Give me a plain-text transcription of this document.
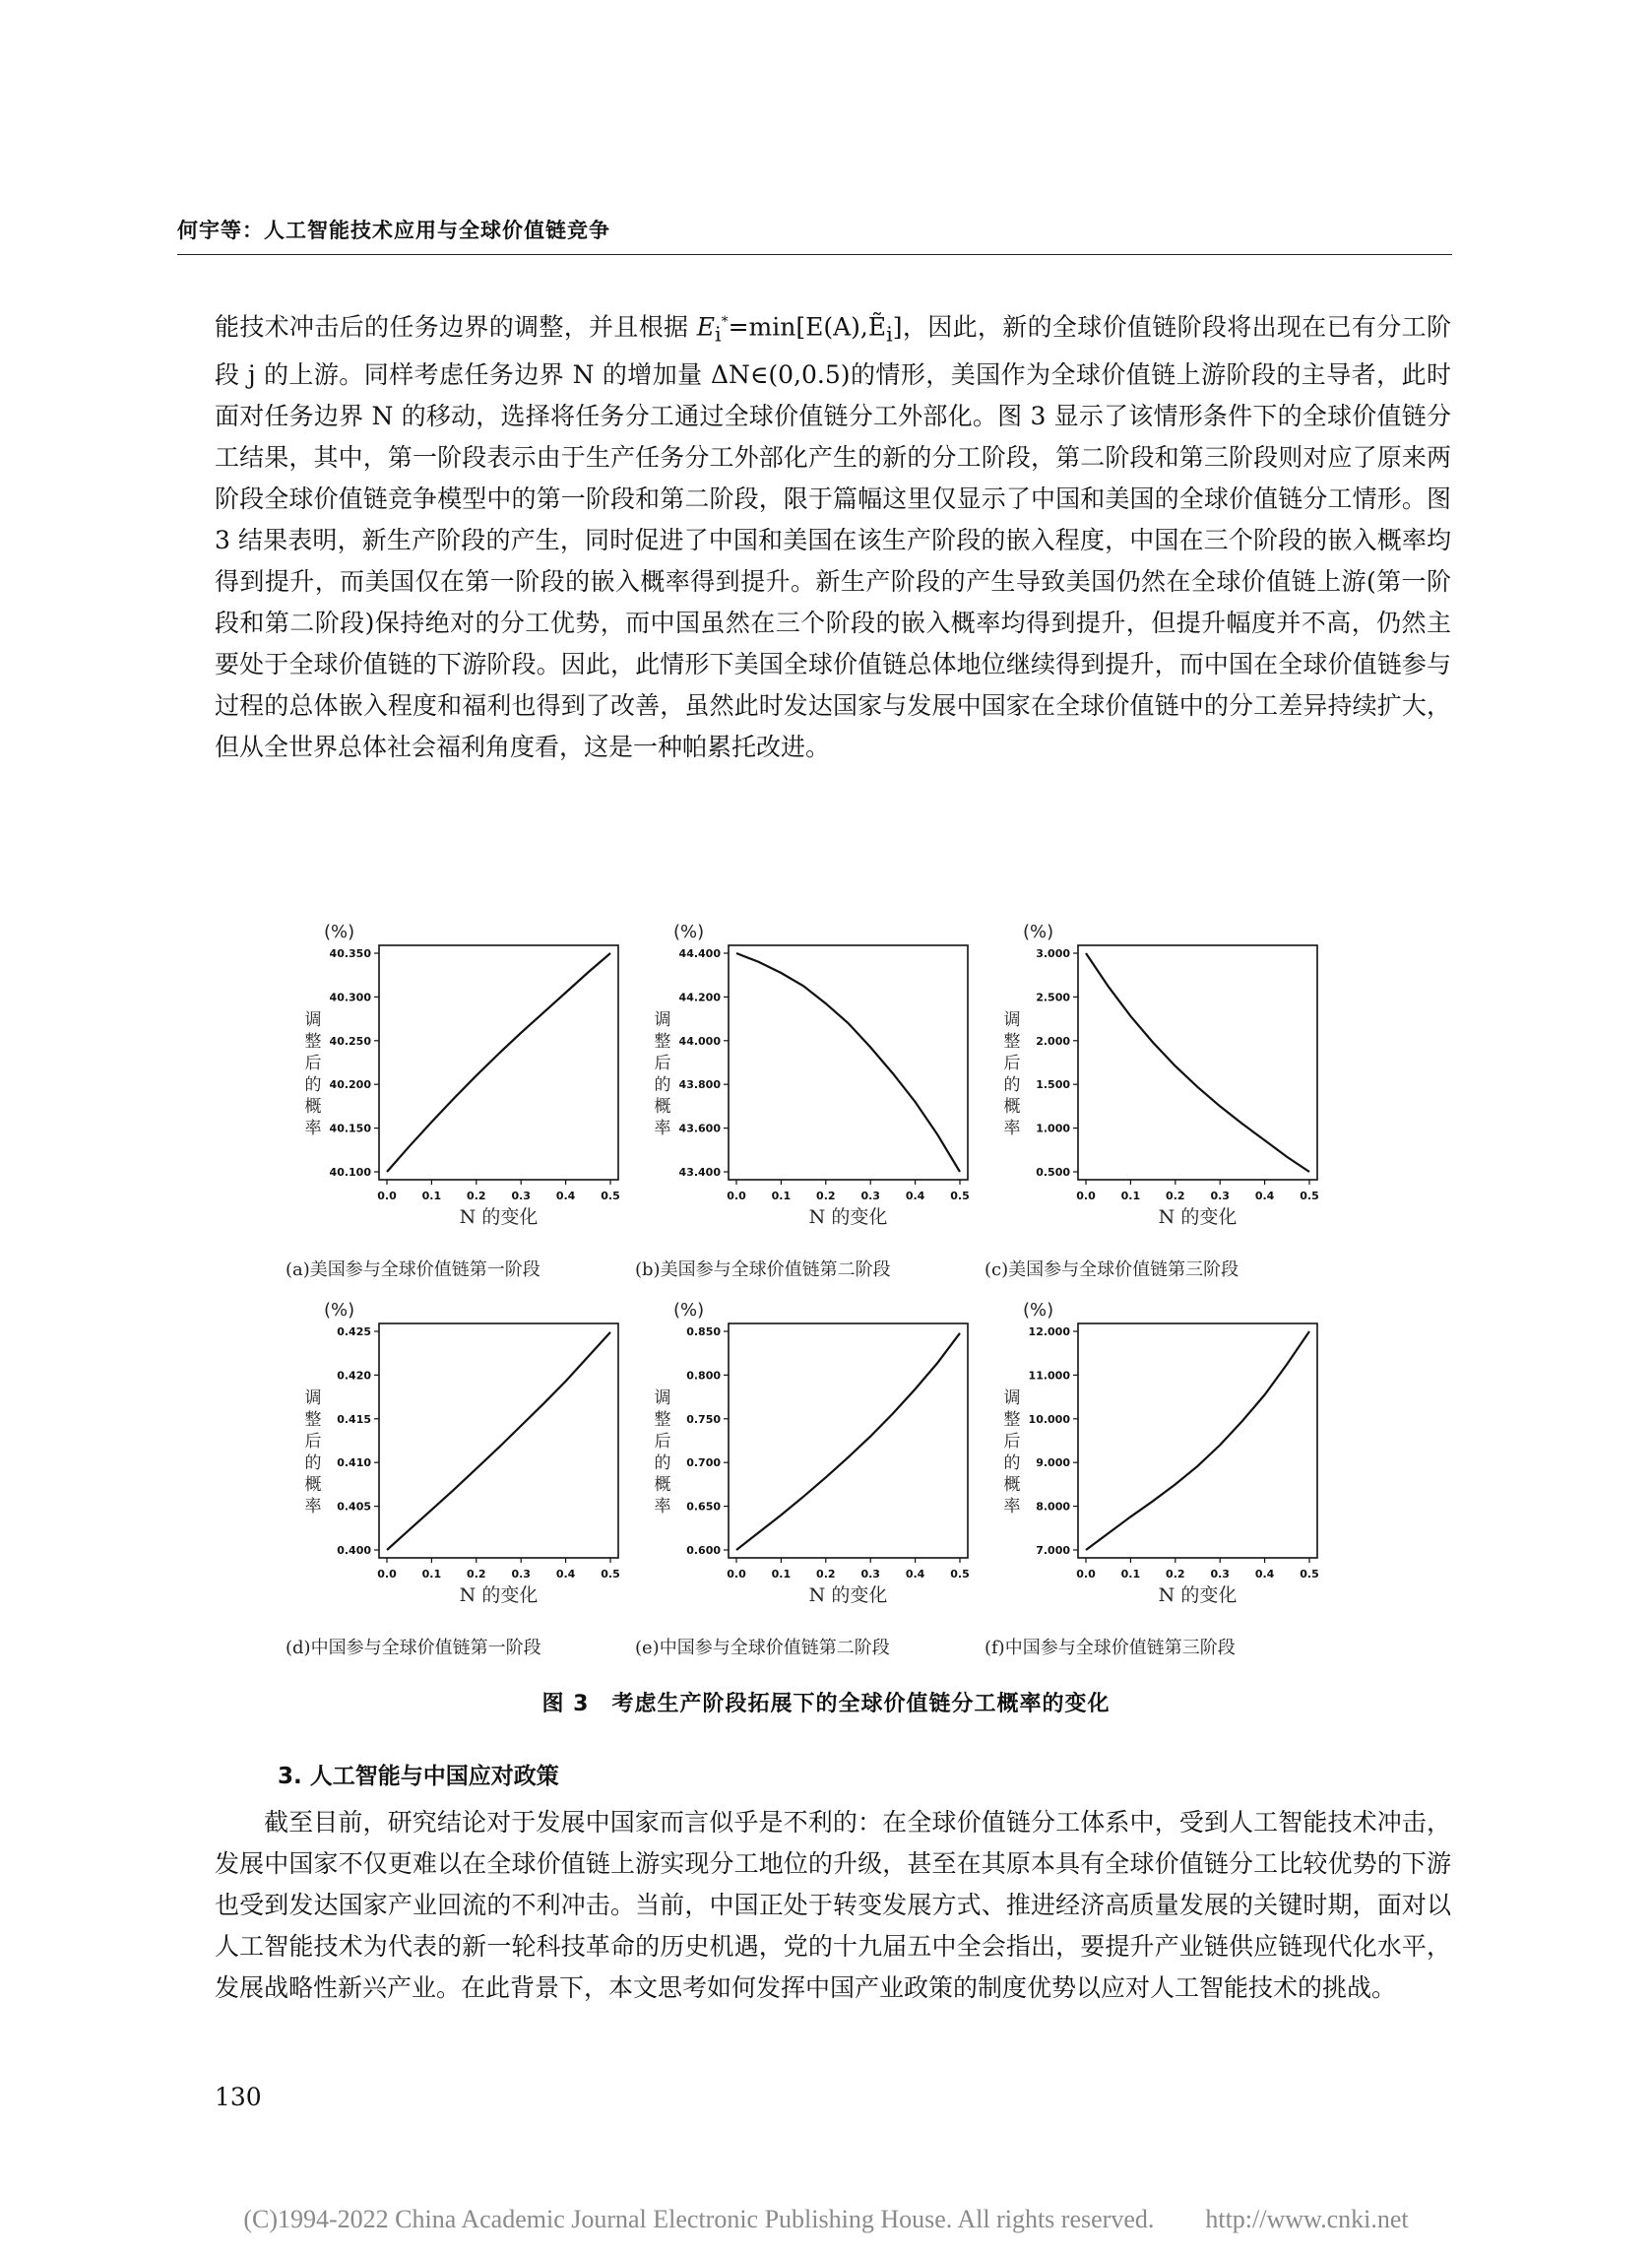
何宇等：人工智能技术应用与全球价值链竞争
能技术冲击后的任务边界的调整，并且根据 $E_i^*=\min[E(A),Ẽ_i]$，因此，新的全球价值链阶段将出现在已有分工阶段 j 的上游。同样考虑任务边界 N 的增加量 ΔN∈(0,0.5)的情形，美国作为全球价值链上游阶段的主导者，此时面对任务边界 N 的移动，选择将任务分工通过全球价值链分工外部化。图 3 显示了该情形条件下的全球价值链分工结果，其中，第一阶段表示由于生产任务分工外部化产生的新的分工阶段，第二阶段和第三阶段则对应了原来两阶段全球价值链竞争模型中的第一阶段和第二阶段，限于篇幅这里仅显示了中国和美国的全球价值链分工情形。图 3 结果表明，新生产阶段的产生，同时促进了中国和美国在该生产阶段的嵌入程度，中国在三个阶段的嵌入概率均得到提升，而美国仅在第一阶段的嵌入概率得到提升。新生产阶段的产生导致美国仍然在全球价值链上游(第一阶段和第二阶段)保持绝对的分工优势，而中国虽然在三个阶段的嵌入概率均得到提升，但提升幅度并不高，仍然主要处于全球价值链的下游阶段。因此，此情形下美国全球价值链总体地位继续得到提升，而中国在全球价值链参与过程的总体嵌入程度和福利也得到了改善，虽然此时发达国家与发展中国家在全球价值链中的分工差异持续扩大，但从全世界总体社会福利角度看，这是一种帕累托改进。
(%)
40.100
40.150
40.200
40.250
40.300
40.350
0.0 0.1 0.2 0.3 0.4 0.5
N 的变化
调
整
后
的
概
率
(a)美国参与全球价值链第一阶段
(%)
43.400
43.600
43.800
44.000
44.200
44.400
0.0 0.1 0.2 0.3 0.4 0.5
N 的变化
调
整
后
的
概
率
(b)美国参与全球价值链第二阶段
(%)
0.500
1.000
1.500
2.000
2.500
3.000
0.0 0.1 0.2 0.3 0.4 0.5
N 的变化
调
整
后
的
概
率
(c)美国参与全球价值链第三阶段
(%)
0.400
0.405
0.410
0.415
0.420
0.425
0.0 0.1 0.2 0.3 0.4 0.5
N 的变化
调
整
后
的
概
率
(d)中国参与全球价值链第一阶段
(%)
0.600
0.650
0.700
0.750
0.800
0.850
0.0 0.1 0.2 0.3 0.4 0.5
N 的变化
调
整
后
的
概
率
(e)中国参与全球价值链第二阶段
(%)
7.000
8.000
9.000
10.000
11.000
12.000
0.0 0.1 0.2 0.3 0.4 0.5
N 的变化
调
整
后
的
概
率
(f)中国参与全球价值链第三阶段
图 3　考虑生产阶段拓展下的全球价值链分工概率的变化
3. 人工智能与中国应对政策
截至目前，研究结论对于发展中国家而言似乎是不利的：在全球价值链分工体系中，受到人工智能技术冲击，发展中国家不仅更难以在全球价值链上游实现分工地位的升级，甚至在其原本具有全球价值链分工比较优势的下游也受到发达国家产业回流的不利冲击。当前，中国正处于转变发展方式、推进经济高质量发展的关键时期，面对以人工智能技术为代表的新一轮科技革命的历史机遇，党的十九届五中全会指出，要提升产业链供应链现代化水平，发展战略性新兴产业。在此背景下，本文思考如何发挥中国产业政策的制度优势以应对人工智能技术的挑战。
130
(C)1994-2022 China Academic Journal Electronic Publishing House. All rights reserved.　　http://www.cnki.net
